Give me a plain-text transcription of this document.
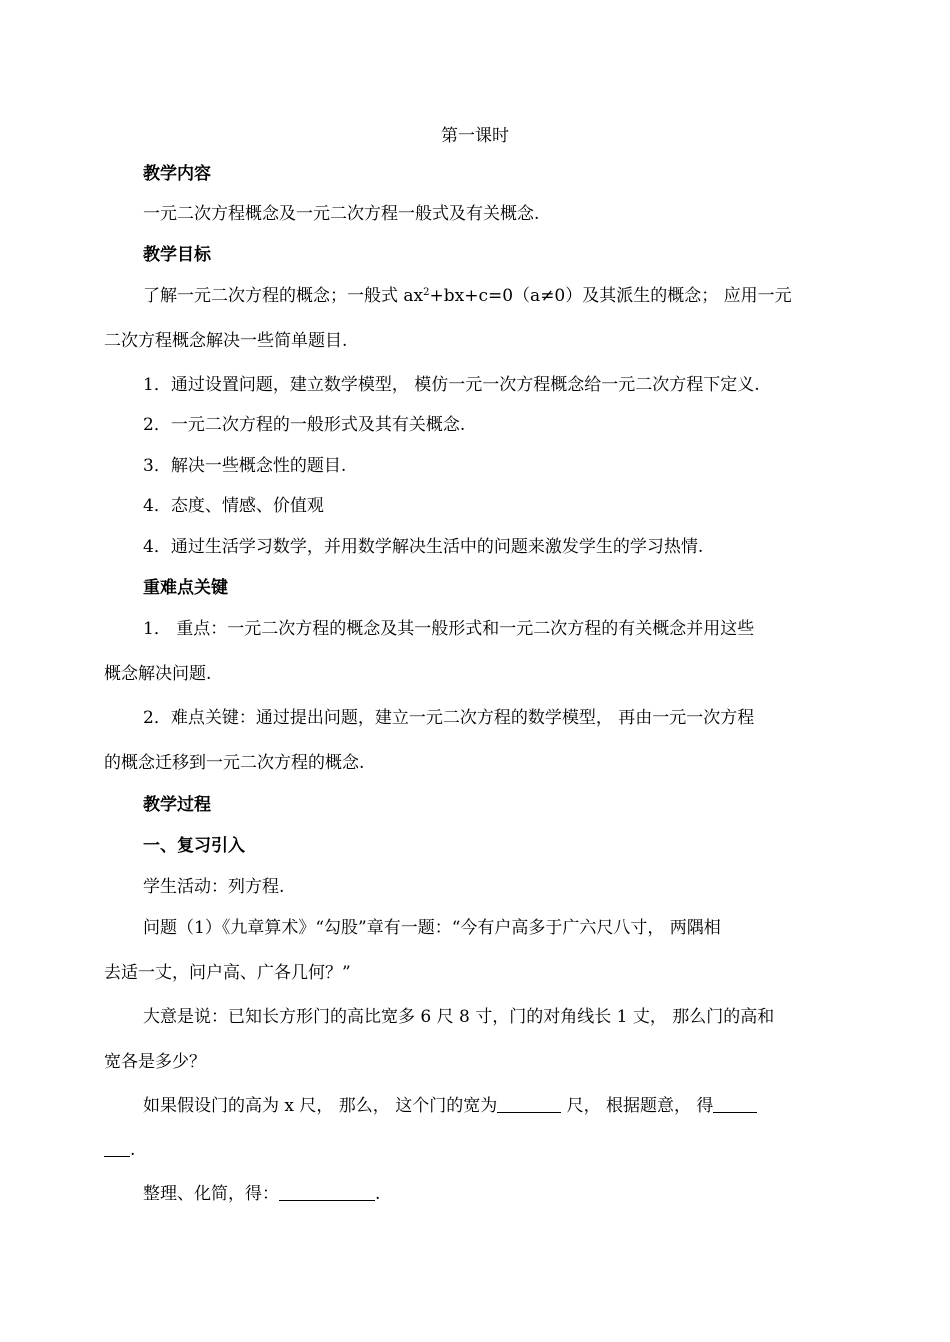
第一课时
教学内容
一元二次方程概念及一元二次方程一般式及有关概念.
教学目标
了解一元二次方程的概念；一般式 $ax^2+bx+c=0(a\ne 0)$及其派生的概念； 应用一元
二次方程概念解决一些简单题目.
1．通过设置问题，建立数学模型， 模仿一元一次方程概念给一元二次方程下定义.
2．一元二次方程的一般形式及其有关概念.
3．解决一些概念性的题目.
4．态度、情感、价值观
4．通过生活学习数学，并用数学解决生活中的问题来激发学生的学习热情.
重难点关键
1． 重点：一元二次方程的概念及其一般形式和一元二次方程的有关概念并用这些
概念解决问题.
2．难点关键：通过提出问题，建立一元二次方程的数学模型， 再由一元一次方程
的概念迁移到一元二次方程的概念.
教学过程
一、复习引入
学生活动：列方程.
问题（1）《九章算术》“勾股”章有一题：“今有户高多于广六尺八寸， 两隅相
去适一丈，问户高、广各几何？”
大意是说：已知长方形门的高比宽多 6 尺 8 寸，门的对角线长 1 丈， 那么门的高和
宽各是多少？
如果假设门的高为 x 尺， 那么， 这个门的宽为	尺， 根据题意， 得
.
整理、化简，得：	.
